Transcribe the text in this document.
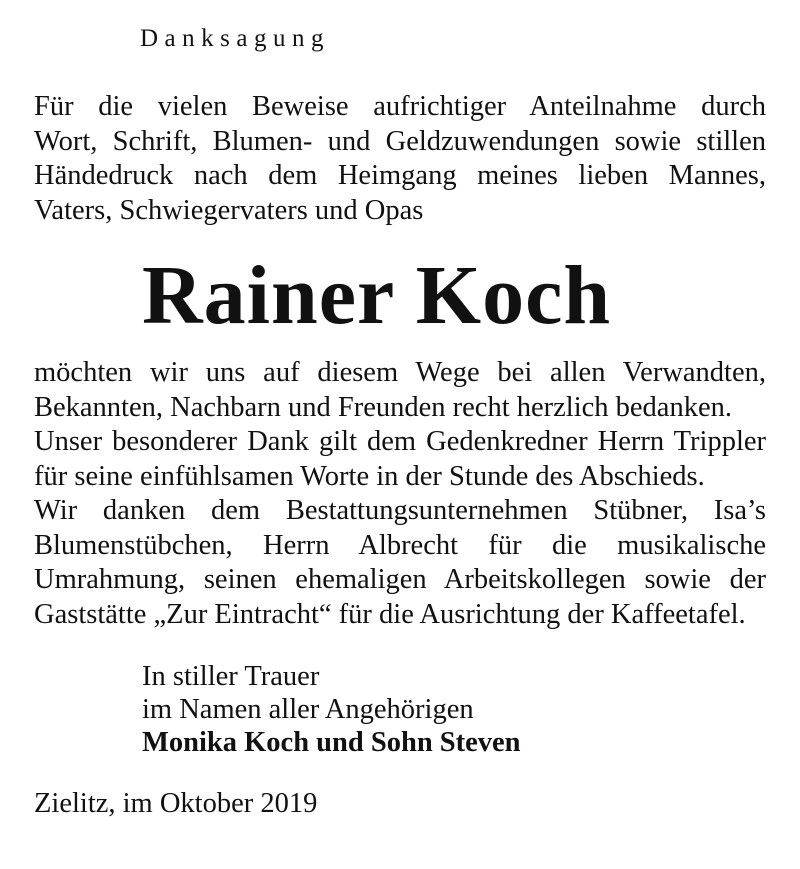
Danksagung
Für die vielen Beweise aufrichtiger Anteilnahme durch
Wort, Schrift, Blumen- und Geldzuwendungen sowie stillen
Händedruck nach dem Heimgang meines lieben Mannes,
Vaters, Schwiegervaters und Opas
Rainer Koch
möchten wir uns auf diesem Wege bei allen Verwandten,
Bekannten, Nachbarn und Freunden recht herzlich bedanken.
Unser besonderer Dank gilt dem Gedenkredner Herrn Trippler
für seine einfühlsamen Worte in der Stunde des Abschieds.
Wir danken dem Bestattungsunternehmen Stübner, Isa’s
Blumenstübchen, Herrn Albrecht für die musikalische
Umrahmung, seinen ehemaligen Arbeitskollegen sowie der
Gaststätte „Zur Eintracht“ für die Ausrichtung der Kaffeetafel.
In stiller Trauer
im Namen aller Angehörigen
Monika Koch und Sohn Steven
Zielitz, im Oktober 2019
